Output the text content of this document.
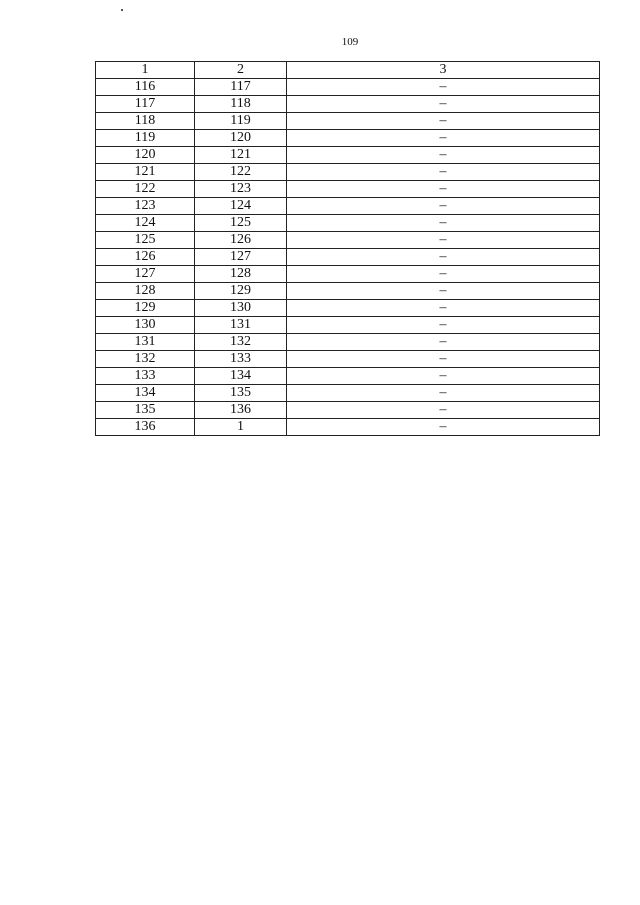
109
1	2	3
116	117	–
117	118	–
118	119	–
119	120	–
120	121	–
121	122	–
122	123	–
123	124	–
124	125	–
125	126	–
126	127	–
127	128	–
128	129	–
129	130	–
130	131	–
131	132	–
132	133	–
133	134	–
134	135	–
135	136	–
136	1	–
